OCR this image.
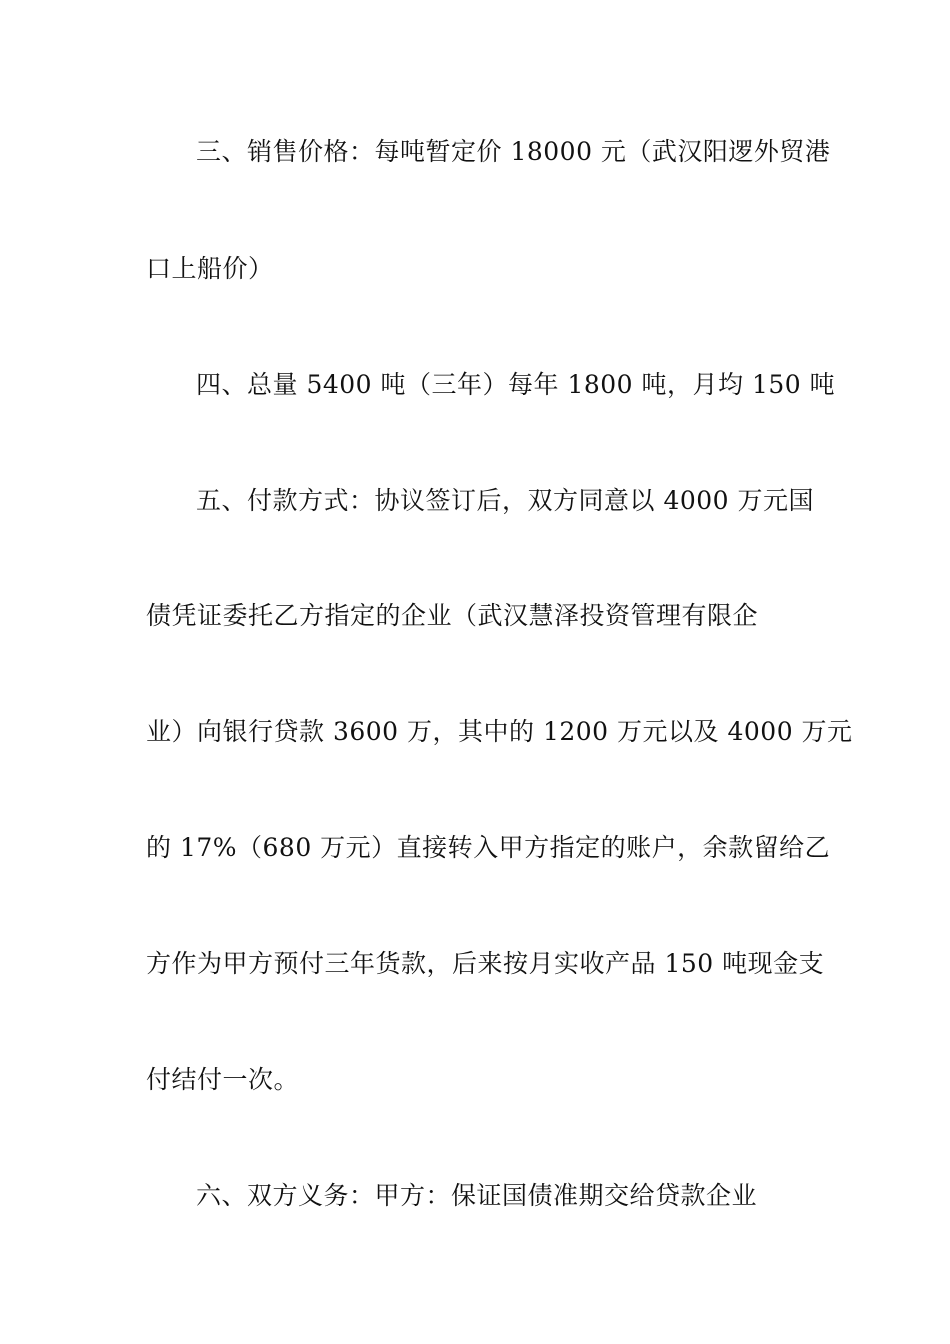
三、销售价格：每吨暂定价 18000 元（武汉阳逻外贸港
口上船价）
四、总量 5400 吨（三年）每年 1800 吨，月均 150 吨
五、付款方式：协议签订后，双方同意以 4000 万元国
债凭证委托乙方指定的企业（武汉慧泽投资管理有限企
业）向银行贷款 3600 万，其中的 1200 万元以及 4000 万元
的 17%（680 万元）直接转入甲方指定的账户，余款留给乙
方作为甲方预付三年货款，后来按月实收产品 150 吨现金支
付结付一次。
六、双方义务：甲方：保证国债准期交给贷款企业
